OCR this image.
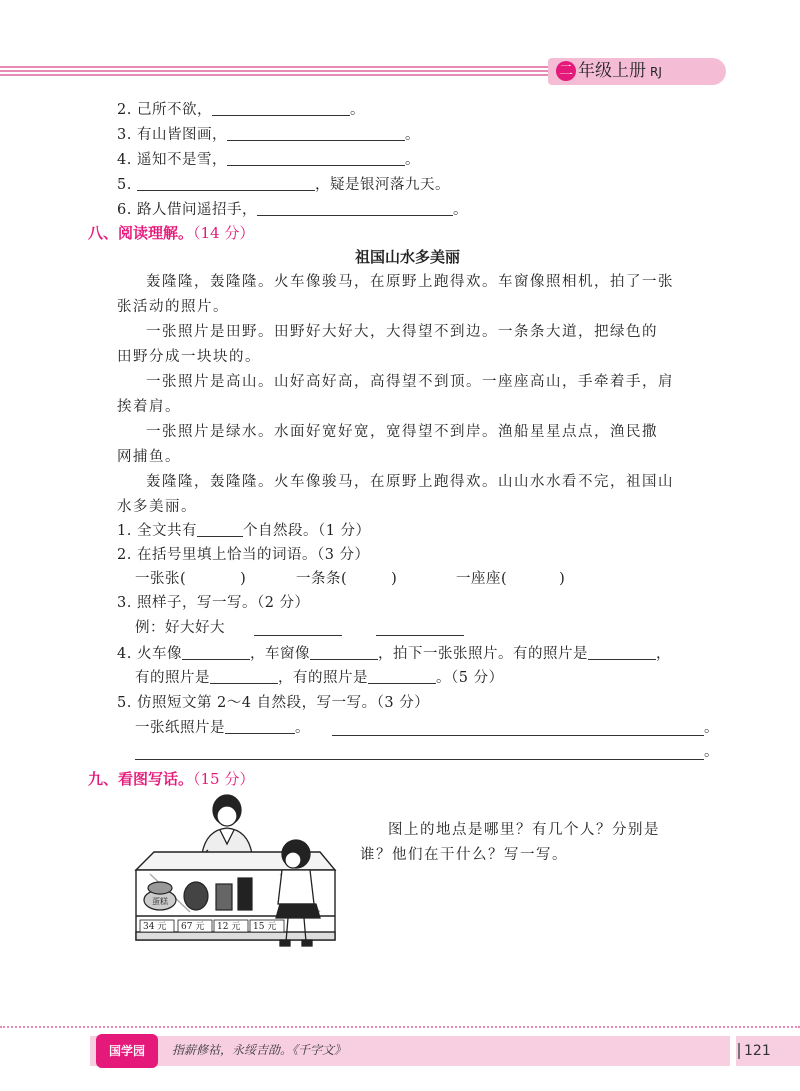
二 年级上册 RJ
2. 己所不欲，	。
3. 有山皆图画，	。
4. 遥知不是雪，	。
5.	，疑是银河落九天。
6. 路人借问遥招手，	。
八、阅读理解。（14 分）
祖国山水多美丽
轰隆隆，轰隆隆。火车像骏马，在原野上跑得欢。车窗像照相机，拍了一张
张活动的照片。
一张照片是田野。田野好大好大，大得望不到边。一条条大道，把绿色的
田野分成一块块的。
一张照片是高山。山好高好高，高得望不到顶。一座座高山，手牵着手，肩
挨着肩。
一张照片是绿水。水面好宽好宽，宽得望不到岸。渔船星星点点，渔民撒
网捕鱼。
轰隆隆，轰隆隆。火车像骏马，在原野上跑得欢。山山水水看不完，祖国山
水多美丽。
1. 全文共有	个自然段。（1 分）
2. 在括号里填上恰当的词语。（3 分）
一张张(	)	一条条(	)	一座座(	)
3. 照样子，写一写。（2 分）
例：好大好大
4. 火车像	，车窗像	，拍下一张张照片。有的照片是	，
有的照片是	，有的照片是	。（5 分）
5. 仿照短文第 2～4 自然段，写一写。（3 分）
一张纸照片是	。	。
。
九、看图写话。（15 分）
蛋糕
34 元 67 元 12 元 15 元
图上的地点是哪里？有几个人？分别是
谁？他们在干什么？写一写。
国学园	指薪修祜，永绥吉劭。《千字文》	121
